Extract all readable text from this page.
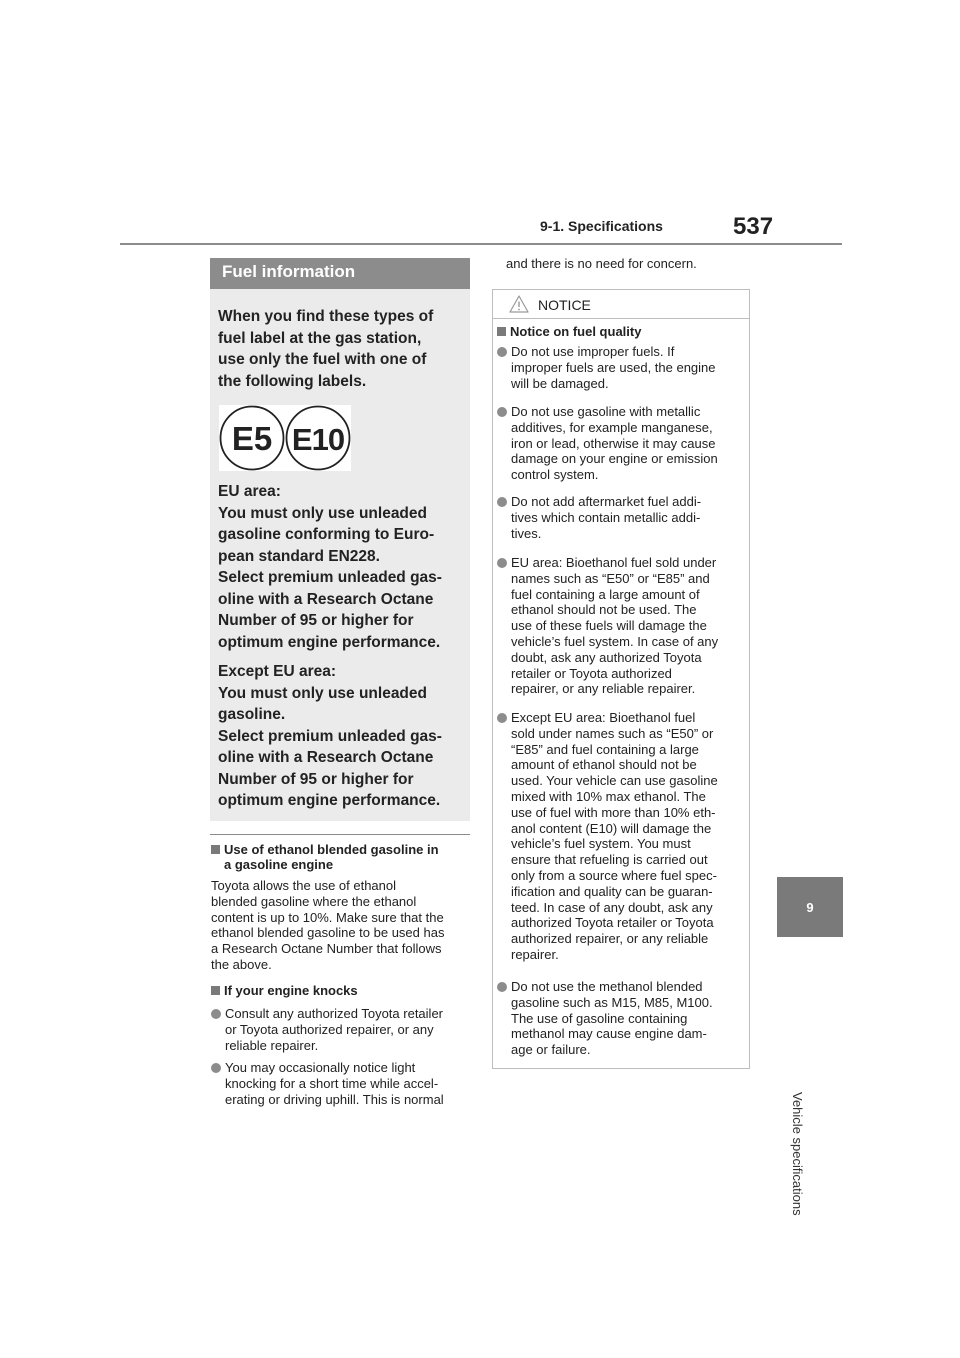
9-1. Specifications	537
9
Vehicle specifications
Fuel information

When you find these types of

fuel label at the gas station,

use only the fuel with one of

the following labels.

E5 E10

EU area:

You must only use unleaded

gasoline conforming to Euro-

pean standard EN228.

Select premium unleaded gas-

oline with a Research Octane

Number of 95 or higher for

optimum engine performance.

Except EU area:

You must only use unleaded

gasoline.

Select premium unleaded gas-

oline with a Research Octane

Number of 95 or higher for

optimum engine performance.

Use of ethanol blended gasoline in
a gasoline engine
Toyota allows the use of ethanol
blended gasoline where the ethanol
content is up to 10%. Make sure that the
ethanol blended gasoline to be used has
a Research Octane Number that follows
the above.
If your engine knocks
Consult any authorized Toyota retailer
or Toyota authorized repairer, or any
reliable repairer.
You may occasionally notice light
knocking for a short time while accel-
erating or driving uphill. This is normal
and there is no need for concern.
NOTICE
Notice on fuel quality
Do not use improper fuels. If
improper fuels are used, the engine
will be damaged.
Do not use gasoline with metallic
additives, for example manganese,
iron or lead, otherwise it may cause
damage on your engine or emission
control system.
Do not add aftermarket fuel addi-
tives which contain metallic addi-
tives.
EU area: Bioethanol fuel sold under
names such as “E50” or “E85” and
fuel containing a large amount of
ethanol should not be used. The
use of these fuels will damage the
vehicle’s fuel system. In case of any
doubt, ask any authorized Toyota
retailer or Toyota authorized
repairer, or any reliable repairer.
Except EU area: Bioethanol fuel
sold under names such as “E50” or
“E85” and fuel containing a large
amount of ethanol should not be
used. Your vehicle can use gasoline
mixed with 10% max ethanol. The
use of fuel with more than 10% eth-
anol content (E10) will damage the
vehicle’s fuel system. You must
ensure that refueling is carried out
only from a source where fuel spec-
ification and quality can be guaran-
teed. In case of any doubt, ask any
authorized Toyota retailer or Toyota
authorized repairer, or any reliable
repairer.
Do not use the methanol blended
gasoline such as M15, M85, M100.
The use of gasoline containing
methanol may cause engine dam-
age or failure.
